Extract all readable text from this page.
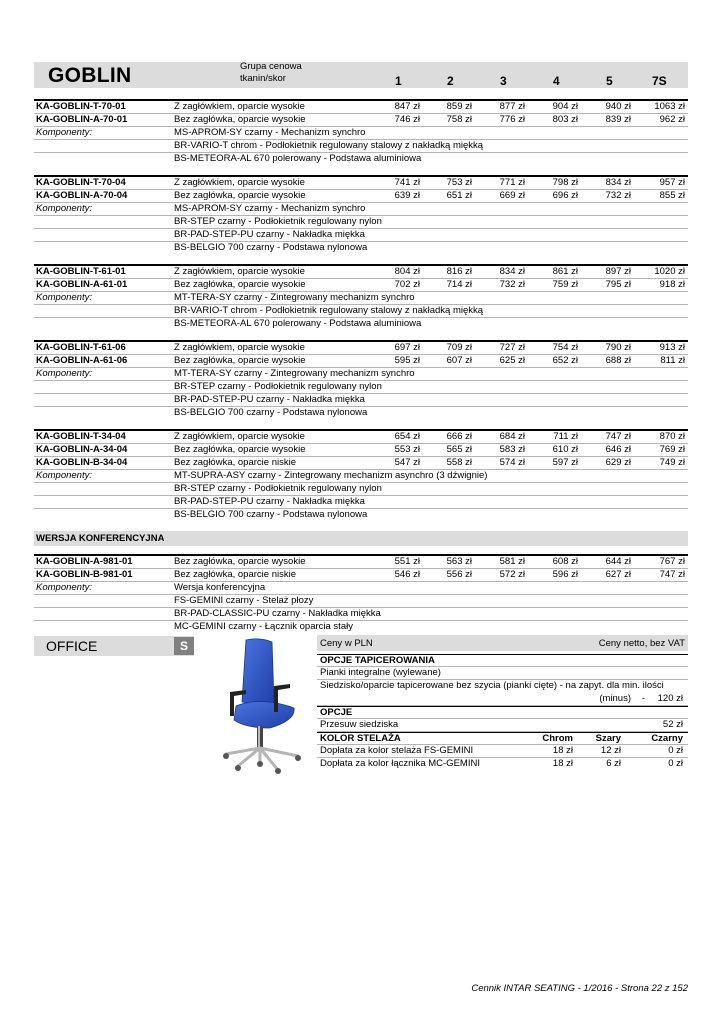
GOBLIN	Grupa cenowa
tkanin/skor	1	2	3	4	5	7S
KA-GOBLIN-T-70-01	Z zagłówkiem, oparcie wysokie	847 zł	859 zł	877 zł	904 zł	940 zł	1063 zł
KA-GOBLIN-A-70-01	Bez zagłówka, oparcie wysokie	746 zł	758 zł	776 zł	803 zł	839 zł	962 zł
Komponenty:	MS-APROM-SY czarny - Mechanizm synchro
BR-VARIO-T chrom - Podłokietnik regulowany stalowy z nakładką miękką
BS-METEORA-AL 670 polerowany - Podstawa aluminiowa
KA-GOBLIN-T-70-04	Z zagłówkiem, oparcie wysokie	741 zł	753 zł	771 zł	798 zł	834 zł	957 zł
KA-GOBLIN-A-70-04	Bez zagłówka, oparcie wysokie	639 zł	651 zł	669 zł	696 zł	732 zł	855 zł
Komponenty:	MS-APROM-SY czarny - Mechanizm synchro
BR-STEP czarny - Podłokietnik regulowany nylon
BR-PAD-STEP-PU czarny - Nakładka miękka
BS-BELGIO 700 czarny - Podstawa nylonowa
KA-GOBLIN-T-61-01	Z zagłówkiem, oparcie wysokie	804 zł	816 zł	834 zł	861 zł	897 zł	1020 zł
KA-GOBLIN-A-61-01	Bez zagłówka, oparcie wysokie	702 zł	714 zł	732 zł	759 zł	795 zł	918 zł
Komponenty:	MT-TERA-SY czarny - Zintegrowany mechanizm synchro
BR-VARIO-T chrom - Podłokietnik regulowany stalowy z nakładką miękką
BS-METEORA-AL 670 polerowany - Podstawa aluminiowa
KA-GOBLIN-T-61-06	Z zagłówkiem, oparcie wysokie	697 zł	709 zł	727 zł	754 zł	790 zł	913 zł
KA-GOBLIN-A-61-06	Bez zagłówka, oparcie wysokie	595 zł	607 zł	625 zł	652 zł	688 zł	811 zł
Komponenty:	MT-TERA-SY czarny - Zintegrowany mechanizm synchro
BR-STEP czarny - Podłokietnik regulowany nylon
BR-PAD-STEP-PU czarny - Nakładka miękka
BS-BELGIO 700 czarny - Podstawa nylonowa
KA-GOBLIN-T-34-04	Z zagłówkiem, oparcie wysokie	654 zł	666 zł	684 zł	711 zł	747 zł	870 zł
KA-GOBLIN-A-34-04	Bez zagłówka, oparcie wysokie	553 zł	565 zł	583 zł	610 zł	646 zł	769 zł
KA-GOBLIN-B-34-04	Bez zagłówka, oparcie niskie	547 zł	558 zł	574 zł	597 zł	629 zł	749 zł
Komponenty:	MT-SUPRA-ASY czarny - Zintegrowany mechanizm asynchro (3 dźwignie)
BR-STEP czarny - Podłokietnik regulowany nylon
BR-PAD-STEP-PU czarny - Nakładka miękka
BS-BELGIO 700 czarny - Podstawa nylonowa
WERSJA KONFERENCYJNA
KA-GOBLIN-A-981-01	Bez zagłówka, oparcie wysokie	551 zł	563 zł	581 zł	608 zł	644 zł	767 zł
KA-GOBLIN-B-981-01	Bez zagłówka, oparcie niskie	546 zł	556 zł	572 zł	596 zł	627 zł	747 zł
Komponenty:	Wersja konferencyjna
FS-GEMINI czarny - Stelaż płozy
BR-PAD-CLASSIC-PU czarny - Nakładka miękka
MC-GEMINI czarny - Łącznik oparcia stały
OFFICE	S	Ceny w PLN	Ceny netto, bez VAT
OPCJE TAPICEROWANIA
Pianki integralne (wylewane)
Siedzisko/oparcie tapicerowane bez szycia (pianki cięte) - na zapyt. dla min. ilości
(minus)	-	120 zł
OPCJE
Przesuw siedziska	52 zł
KOLOR STELAŻA	Chrom	Szary	Czarny
Dopłata za kolor stelaża FS-GEMINI	18 zł	12 zł	0 zł
Dopłata za kolor łącznika MC-GEMINI	18 zł	6 zł	0 zł
Cennik INTAR SEATING - 1/2016 - Strona 22 z 152
